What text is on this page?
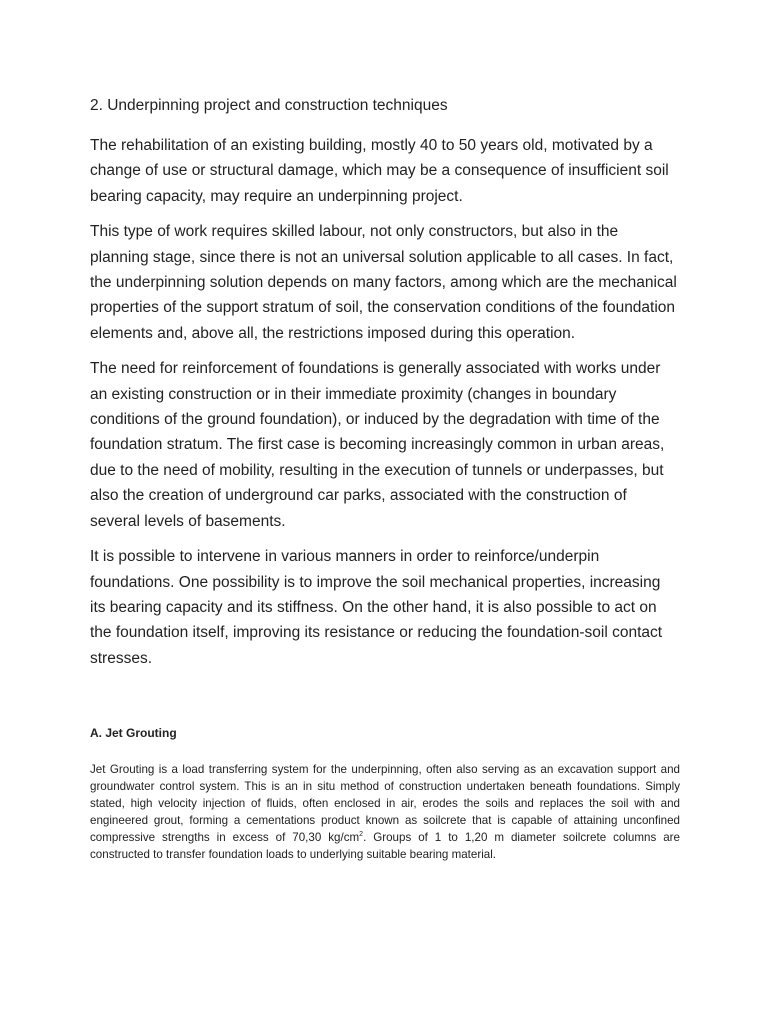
2. Underpinning project and construction techniques

The rehabilitation of an existing building, mostly 40 to 50 years old, motivated by a change of use or structural damage, which may be a consequence of insufficient soil bearing capacity, may require an underpinning project.

This type of work requires skilled labour, not only constructors, but also in the planning stage, since there is not an universal solution applicable to all cases. In fact, the underpinning solution depends on many factors, among which are the mechanical properties of the support stratum of soil, the conservation conditions of the foundation elements and, above all, the restrictions imposed during this operation.

The need for reinforcement of foundations is generally associated with works under an existing construction or in their immediate proximity (changes in boundary conditions of the ground foundation), or induced by the degradation with time of the foundation stratum. The first case is becoming increasingly common in urban areas, due to the need of mobility, resulting in the execution of tunnels or underpasses, but also the creation of underground car parks, associated with the construction of several levels of basements.

It is possible to intervene in various manners in order to reinforce/underpin foundations. One possibility is to improve the soil mechanical properties, increasing its bearing capacity and its stiffness. On the other hand, it is also possible to act on the foundation itself, improving its resistance or reducing the foundation-soil contact stresses.

A. Jet Grouting

Jet Grouting is a load transferring system for the underpinning, often also serving as an excavation support and groundwater control system. This is an in situ method of construction undertaken beneath foundations. Simply stated, high velocity injection of fluids, often enclosed in air, erodes the soils and replaces the soil with and engineered grout, forming a cementations product known as soilcrete that is capable of attaining unconfined compressive strengths in excess of 70,30 $kg/cm^2$. Groups of 1 to 1,20 m diameter soilcrete columns are constructed to transfer foundation loads to underlying suitable bearing material.
